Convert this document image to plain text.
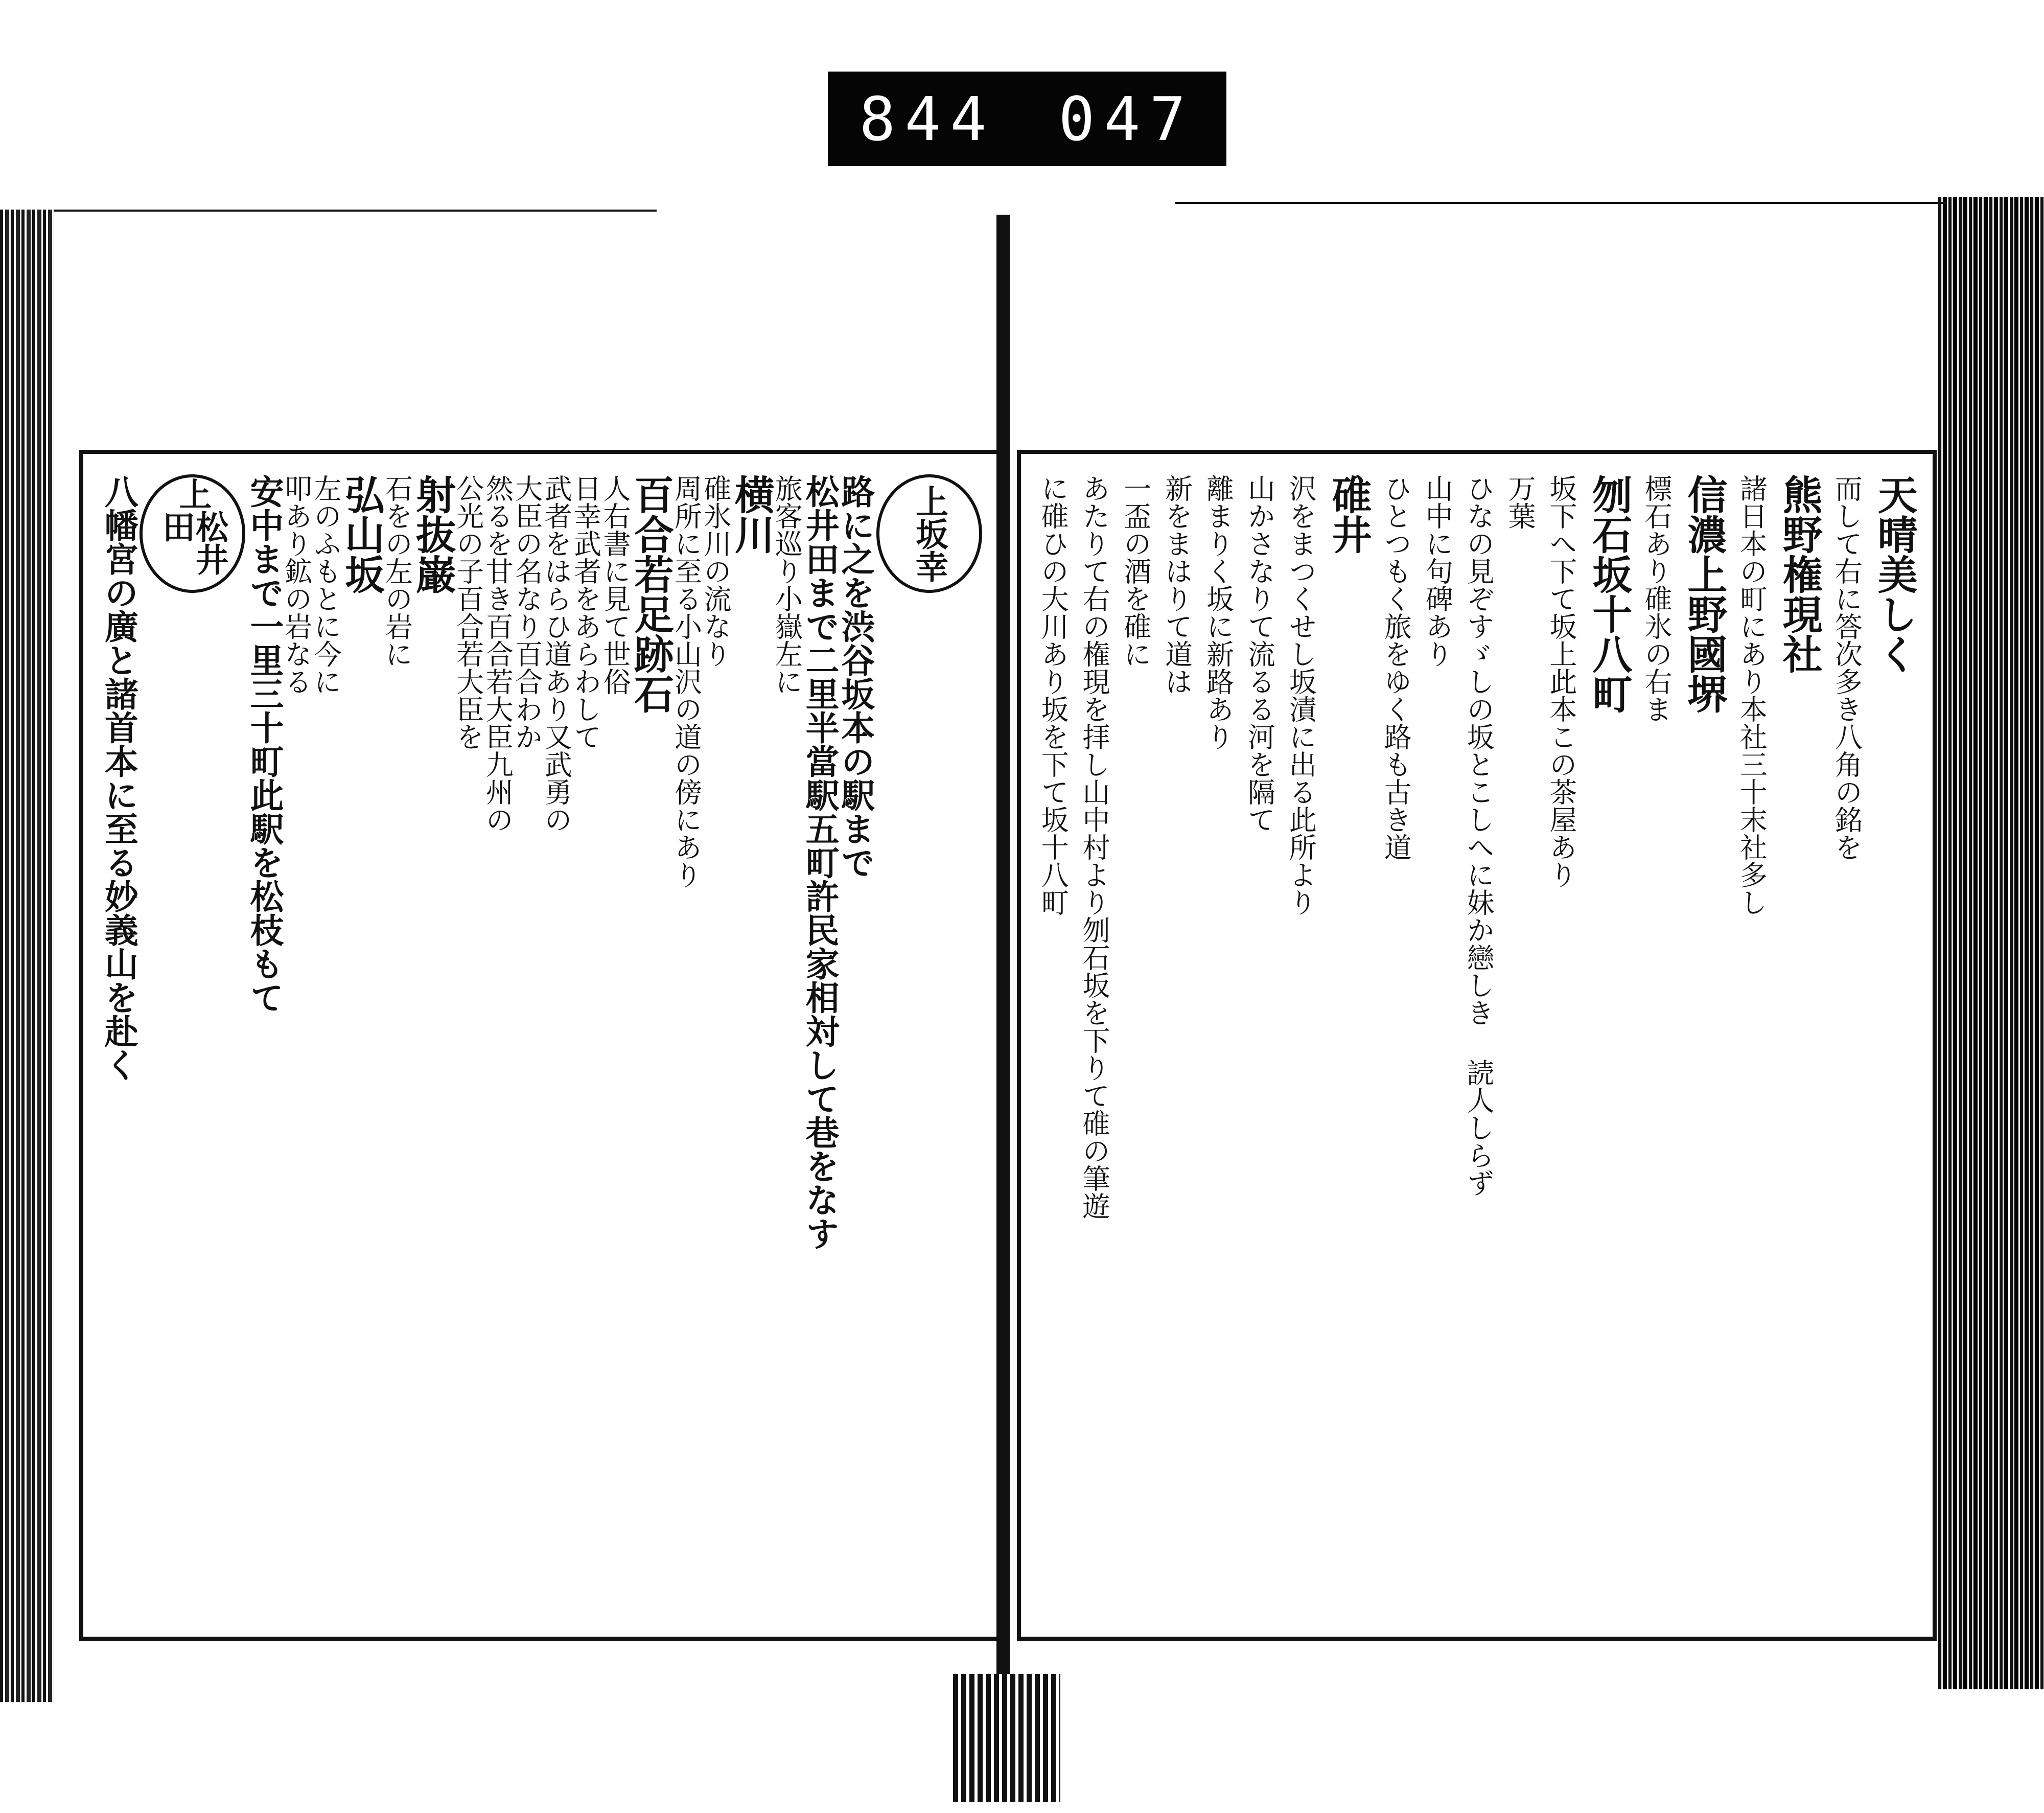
844 047
上
坂幸
路に之を渋谷坂本の駅まで
松井田まで二里半當駅五町許民家相対して巷をなす
旅客巡り小嶽左に
横川
碓氷川の流なり
周所に至る小山沢の道の傍にあり
百合若足跡石
人右書に見て世俗
日幸武者をあらわして
武者をはらひ道あり又武勇の
大臣の名なり百合わか
然るを甘き百合若大臣九州の
公光の子百合若大臣を
射抜巌
石をの左の岩に
弘山坂
左のふもとに今に
叩あり鉱の岩なる
安中まで一里三十町此駅を松枝もて
上
松井田
八幡宮の廣と諸首本に至る妙義山を赴く	天晴美しく
而して右に答次多き八角の銘を
熊野権現社
諸日本の町にあり本社三十末社多し
信濃上野國堺
標石あり碓氷の右ま
刎石坂十八町
坂下へ下て坂上此本この茶屋あり
万葉
ひなの見ぞすゞしの坂とこしへに妹か戀しき 読人しらず
山中に句碑あり
ひとつもく旅をゆく路も古き道
碓井
沢をまつくせし坂漬に出る此所より
山かさなりて流るる河を隔て
離まりく坂に新路あり
新をまはりて道は
一盃の酒を碓に
あたりて右の権現を拝し山中村より刎石坂を下りて碓の筆遊
に碓ひの大川あり坂を下て坂十八町
